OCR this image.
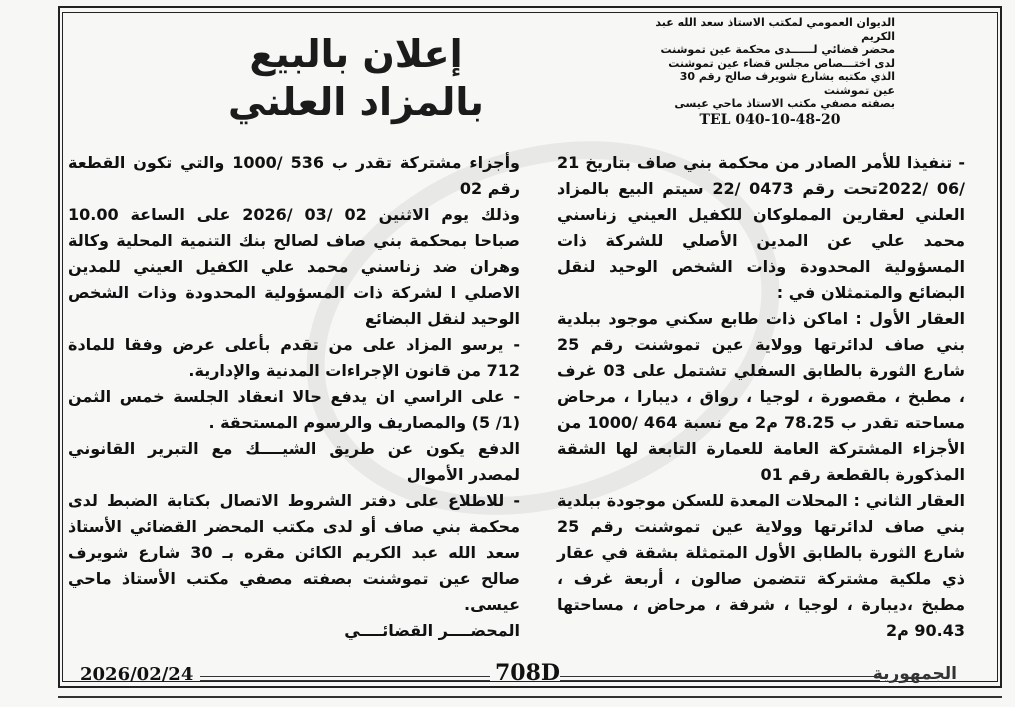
الديوان العمومي لمكتب الاستاذ سعد الله عبد الكريم
محضر قضائي لــــــدى محكمة عين تموشنت
لدى اختـــصاص مجلس قضاء عين تموشنت
الذي مكتبه بشارع شويرف صالح رقم 30
عين تموشنت
بصفته مصفي مكتب الاستاذ ماحي عيسى
TEL 040-10-48-20
إعلان بالبيع
بالمزاد العلني

- تنفيذا للأمر الصادر من محكمة بني صاف بتاريخ 21 /06 /2022تحت رقم 0473 /22 سيتم البيع بالمزاد العلني لعقارين المملوكان للكفيل العيني زناسني محمد علي عن المدين الأصلي للشركة ذات المسؤولية المحدودة وذات الشخص الوحيد لنقل البضائع والمتمثلان في :

العقار الأول : اماكن ذات طابع سكني موجود ببلدية بني صاف لدائرتها وولاية عين تموشنت رقم 25 شارع الثورة بالطابق السفلي تشتمل على 03 غرف ، مطبخ ، مقصورة ، لوجيا ، رواق ، ديبارا ، مرحاض مساحته تقدر ب 78.25 م2 مع نسبة 464 /1000 من الأجزاء المشتركة العامة للعمارة التابعة لها الشقة المذكورة بالقطعة رقم 01

العقار الثاني : المحلات المعدة للسكن موجودة ببلدية بني صاف لدائرتها وولاية عين تموشنت رقم 25 شارع الثورة بالطابق الأول المتمثلة بشقة في عقار ذي ملكية مشتركة تتضمن صالون ، أربعة غرف ، مطبخ ،ديبارة ، لوجيا ، شرفة ، مرحاض ، مساحتها 90.43 م2

وأجزاء مشتركة تقدر ب 536 /1000 والتي تكون القطعة رقم 02

وذلك يوم الاثنين 02 /03 /2026 على الساعة 10.00 صباحا بمحكمة بني صاف لصالح بنك التنمية المحلية وكالة وهران ضد زناسني محمد علي الكفيل العيني للمدين الاصلي ا لشركة ذات المسؤولية المحدودة وذات الشخص الوحيد لنقل البضائع

- يرسو المزاد على من تقدم بأعلى عرض وفقا للمادة 712 من قانون الإجراءات المدنية والإدارية.

- على الراسي ان يدفع حالا انعقاد الجلسة خمس الثمن (1/ 5) والمصاريف والرسوم المستحقة .

الدفع يكون عن طريق الشيــــك مع التبرير القانوني لمصدر الأموال

- للاطلاع على دفتر الشروط الاتصال بكتابة الضبط لدى محكمة بني صاف أو لدى مكتب المحضر القضائي الأستاذ سعد الله عبد الكريم الكائن مقره بـ 30 شارع شويرف صالح عين تموشنت بصفته مصفي مكتب الأستاذ ماحي عيسى.

المحضــــر القضائــــي
2026/02/24	708D	الجمهورية
